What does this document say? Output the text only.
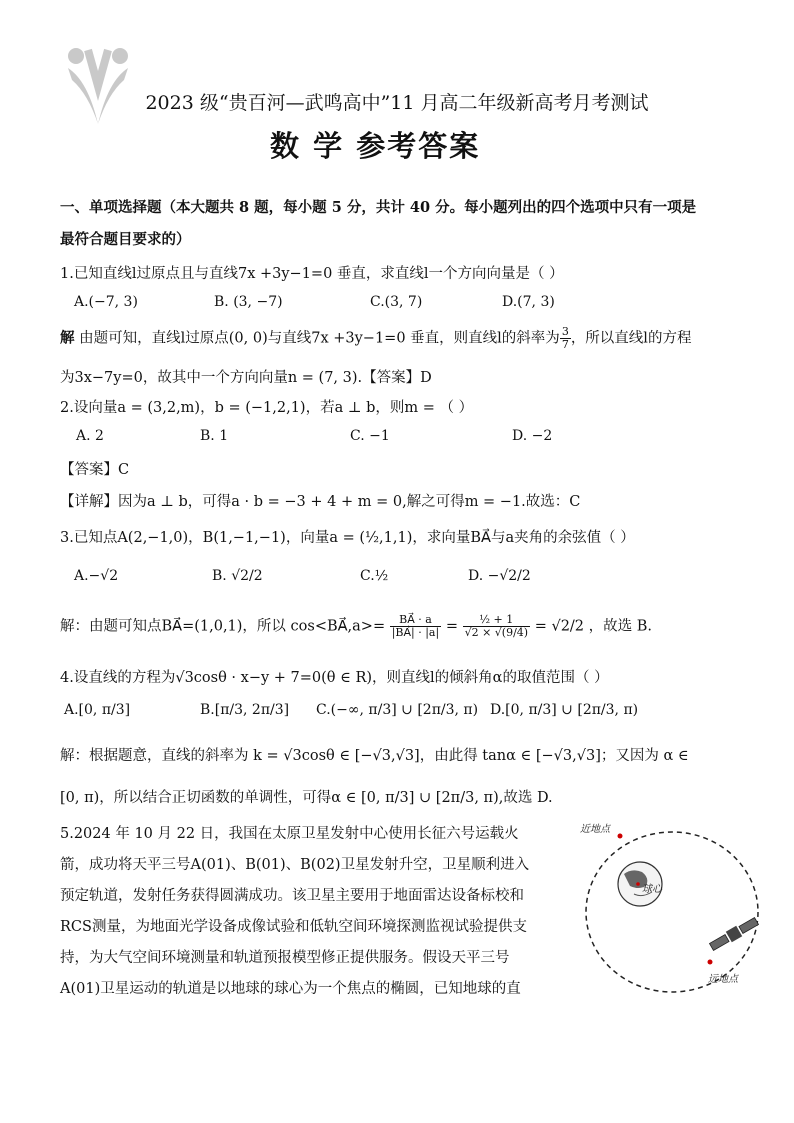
2023 级“贵百河—武鸣高中”11 月高二年级新高考月考测试
数 学 参考答案
一、单项选择题（本大题共 8 题，每小题 5 分，共计 40 分。每小题列出的四个选项中只有一项是
最符合题目要求的）
1.已知直线l过原点且与直线7x +3y−1=0 垂直，求直线l一个方向向量是（ ）
A.(−7, 3)	B. (3, −7)	C.(3, 7)	D.(7, 3)
解 由题可知，直线l过原点(0, 0)与直线7x +3y−1=0 垂直，则直线l的斜率为 $\frac{3}{7}$ ，所以直线l的方程
为3x−7y=0，故其中一个方向向量n = (7, 3).【答案】D
2.设向量a = (3,2,m)，b = (−1,2,1)，若a ⊥ b，则m = （ ）
A. 2	B. 1	C. −1	D. −2
【答案】C
【详解】因为a ⊥ b，可得a · b = −3 + 4 + m = 0,解之可得m = −1.故选：C
3.已知点A(2,−1,0)，B(1,−1,−1)，向量a = (½,1,1)，求向量BA⃗与a夹角的余弦值（ ）
A.−√2	B. √2/2	C.½	D. −√2/2
解：由题可知点BA⃗=(1,0,1)，所以 cos<BA⃗,a>= $\frac{BA⃗ \cdot a}{|BA⃗| \cdot |a|} = \frac{\text{½ + 1}}{√2 \times √(9/4)} = √2/2$ ，故选 B.
4.设直线的方程为√3cosθ · x−y + 7=0(θ ∈ R)，则直线l的倾斜角α的取值范围（ ）
A.[0, π/3]	B.[π/3, 2π/3] C.(−∞, π/3] ∪ [2π/3, π) D.[0, π/3] ∪ [2π/3, π)
解：根据题意，直线的斜率为 k = √3cosθ ∈ [−√3,√3]，由此得 tanα ∈ [−√3,√3]；又因为 α ∈
[0, π)，所以结合正切函数的单调性，可得α ∈ [0, π/3] ∪ [2π/3, π),故选 D.
5.2024 年 10 月 22 日，我国在太原卫星发射中心使用长征六号运载火
箭，成功将天平三号A(01)、B(01)、B(02)卫星发射升空，卫星顺利进入
预定轨道，发射任务获得圆满成功。该卫星主要用于地面雷达设备标校和
RCS测量，为地面光学设备成像试验和低轨空间环境探测监视试验提供支
持，为大气空间环境测量和轨道预报模型修正提供服务。假设天平三号
A(01)卫星运动的轨道是以地球的球心为一个焦点的椭圆，已知地球的直
近地点
球心
远地点
